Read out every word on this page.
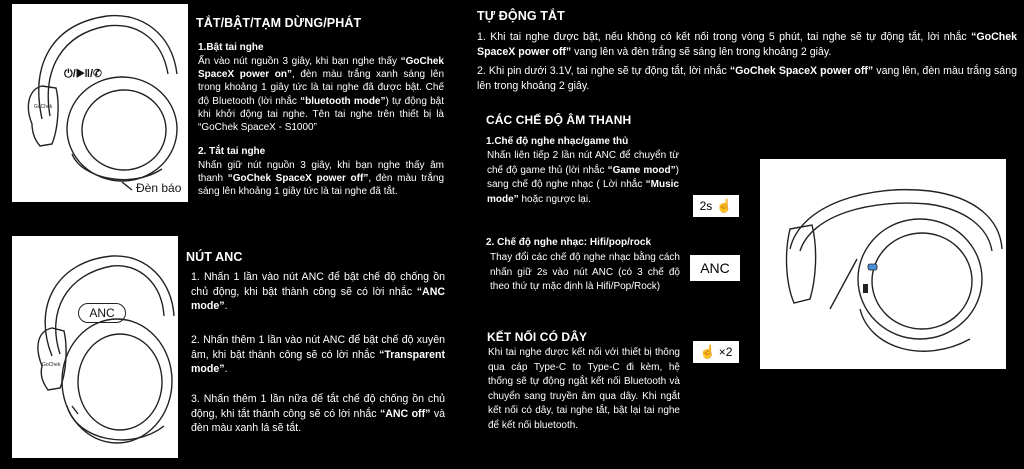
GoChek
⏻/▶ǁ/✆
Đèn báo
TẮT/BẬT/TẠM DỪNG/PHÁT
1.Bật tai nghe
Ấn vào nút nguồn 3 giây, khi bạn nghe thấy “GoChek SpaceX power on”, đèn màu trắng xanh sáng lên trong khoảng 1 giây tức là tai nghe đã được bật. Chế độ Bluetooth (lời nhắc “bluetooth mode”) tự động bật khi khởi động tai nghe. Tên tai nghe trên thiết bị là “GoChek SpaceX - S1000”
2. Tắt tai nghe
Nhấn giữ nút nguồn 3 giây, khi bạn nghe thấy âm thanh “GoChek SpaceX power off”, đèn màu trắng sáng lên khoảng 1 giây tức là tai nghe đã tắt.
GoChek
ANC
NÚT ANC
1. Nhấn 1 lần vào nút ANC để bật chế độ chống ồn chủ động, khi bật thành công sẽ có lời nhắc “ANC mode”.
2. Nhấn thêm 1 lần vào nút ANC để bật chế độ xuyên âm, khi bật thành công sẽ có lời nhắc “Transparent mode”.
3. Nhấn thêm 1 lần nữa để tắt chế độ chống ồn chủ động, khi tắt thành công sẽ có lời nhắc “ANC off” và đèn màu xanh lá sẽ tắt.
TỰ ĐỘNG TẮT
1. Khi tai nghe được bật, nếu không có kết nối trong vòng 5 phút, tai nghe sẽ tự động tắt, lời nhắc “GoChek SpaceX power off” vang lên và đèn trắng sẽ sáng lên trong khoảng 2 giây.
2. Khi pin dưới 3.1V, tai nghe sẽ tự động tắt, lời nhắc “GoChek SpaceX power off” vang lên, đèn màu trắng sáng lên trong khoảng 2 giây.
CÁC CHẾ ĐỘ ÂM THANH
1.Chế độ nghe nhạc/game thủ
Nhấn liên tiếp 2 lần nút ANC để chuyển từ chế độ game thủ (lời nhắc “Game mood”) sang chế độ nghe nhạc ( Lời nhắc “Music mode” hoặc ngược lại.
2. Chế độ nghe nhạc: Hifi/pop/rock
Thay đổi các chế độ nghe nhạc bằng cách nhấn giữ 2s vào nút ANC (có 3 chế độ theo thứ tự mặc định là Hifi/Pop/Rock)
KẾT NỐI CÓ DÂY
Khi tai nghe được kết nối với thiết bị thông qua cáp Type-C to Type-C đi kèm, hệ thống sẽ tự động ngắt kết nối Bluetooth và chuyển sang truyền âm qua dây. Khi ngắt kết nối có dây, tai nghe tắt, bật lại tai nghe để kết nối bluetooth.
2s ☝
ANC
☝ ×2
